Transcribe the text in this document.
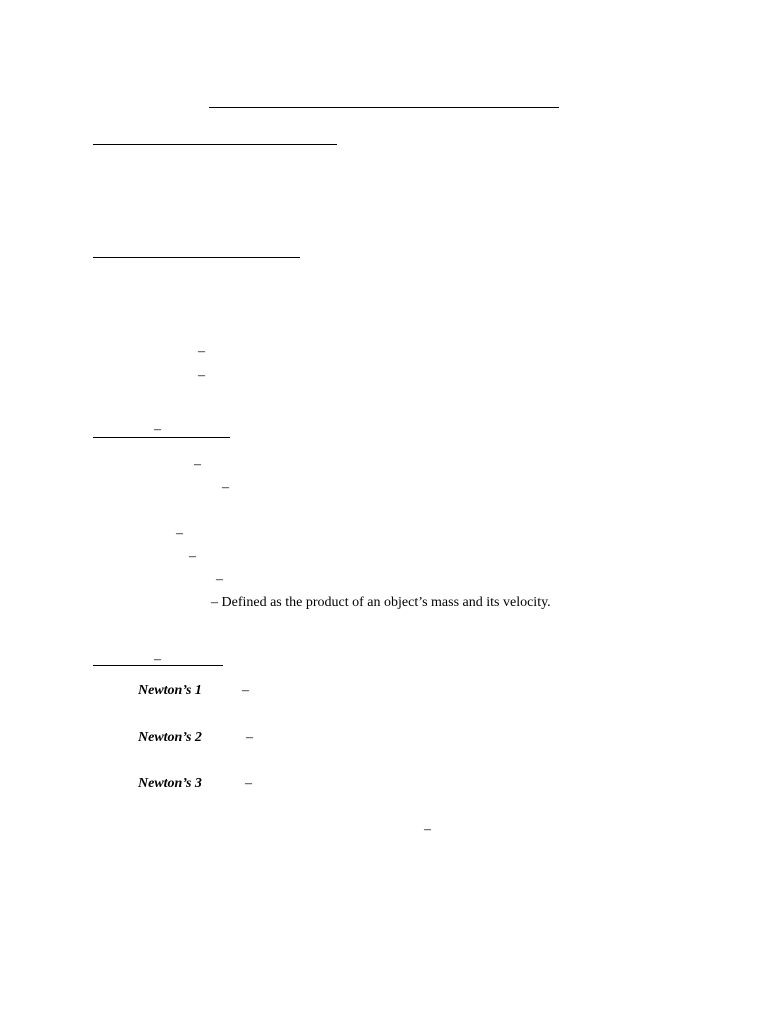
–
–
–
–
–
–
–
–
– Defined as the product of an object’s mass and its velocity.
–
Newton’s 1	–
Newton’s 2	–
Newton’s 3	–
–
